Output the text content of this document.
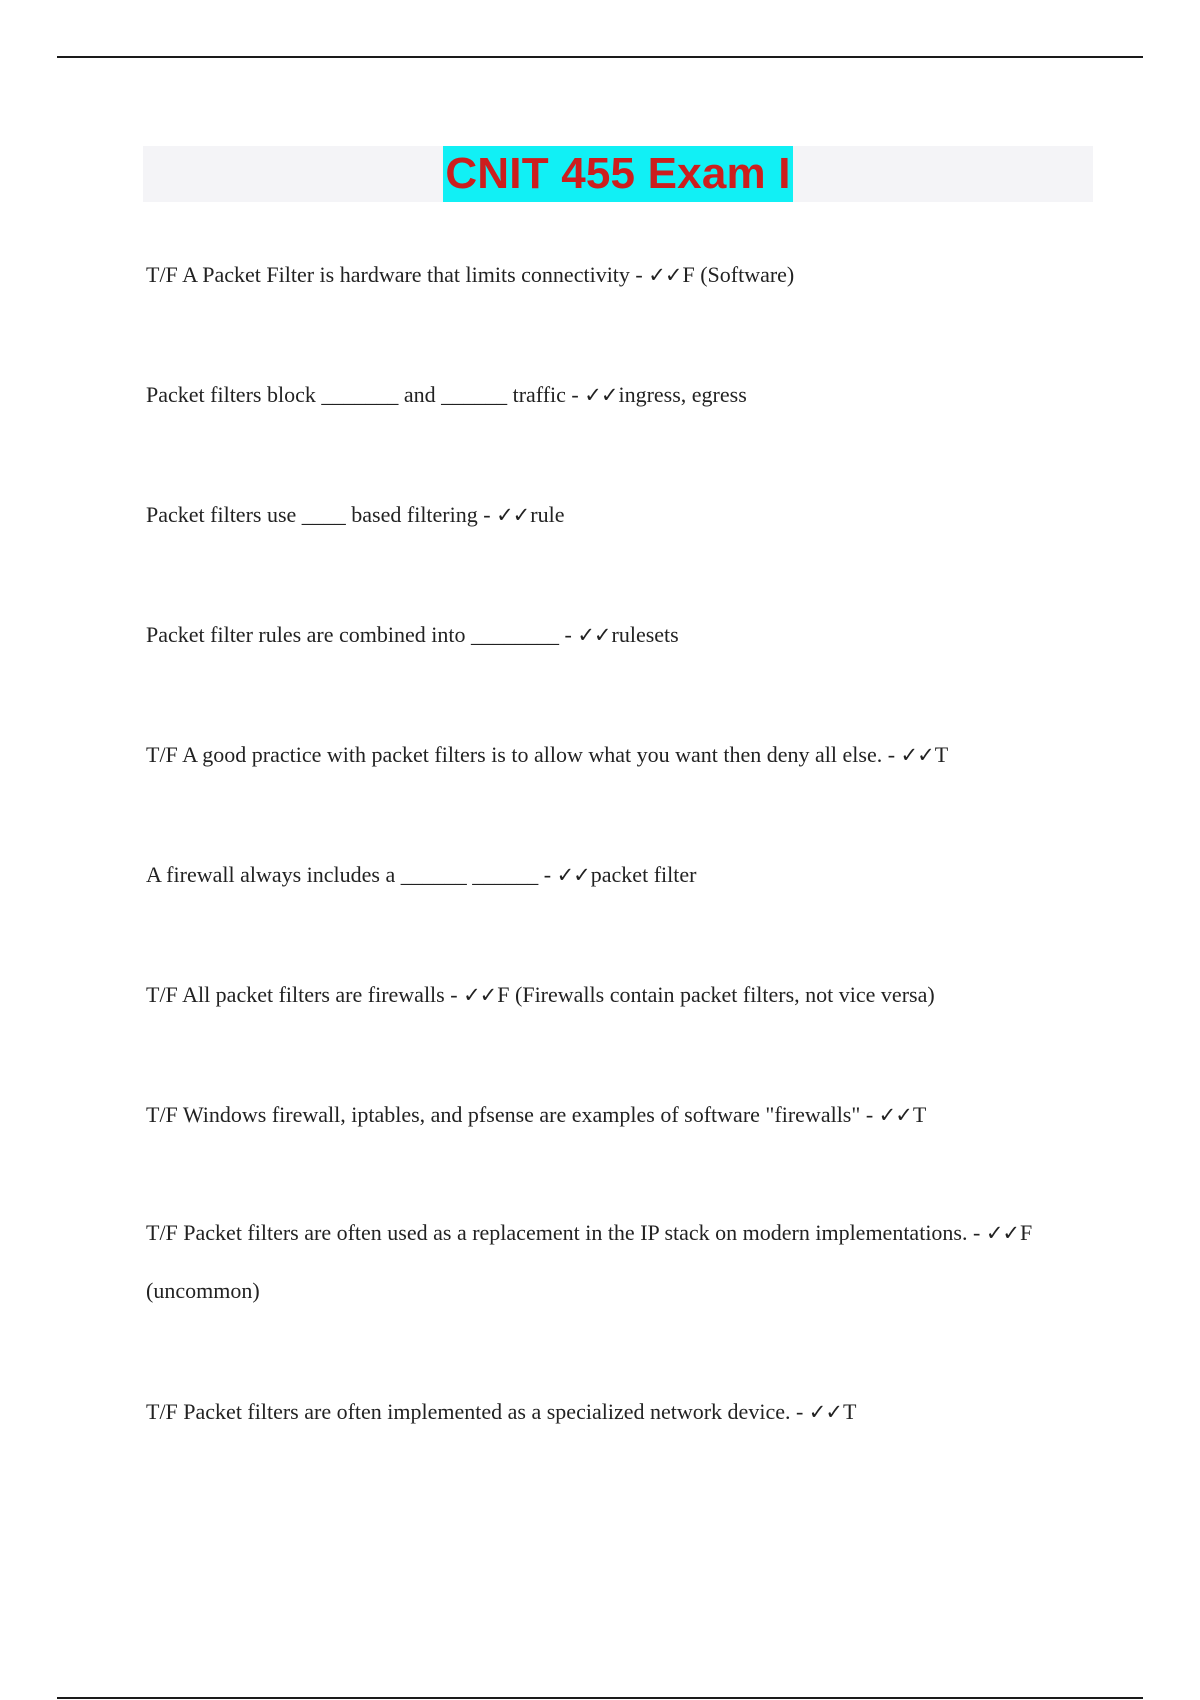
CNIT 455 Exam I
T/F A Packet Filter is hardware that limits connectivity - ✓✓F (Software)
Packet filters block _______ and ______ traffic - ✓✓ingress, egress
Packet filters use ____ based filtering - ✓✓rule
Packet filter rules are combined into ________ - ✓✓rulesets
T/F A good practice with packet filters is to allow what you want then deny all else. - ✓✓T
A firewall always includes a ______ ______ - ✓✓packet filter
T/F All packet filters are firewalls - ✓✓F (Firewalls contain packet filters, not vice versa)
T/F Windows firewall, iptables, and pfsense are examples of software "firewalls" - ✓✓T
T/F Packet filters are often used as a replacement in the IP stack on modern implementations. - ✓✓F (uncommon)
T/F Packet filters are often implemented as a specialized network device. - ✓✓T
